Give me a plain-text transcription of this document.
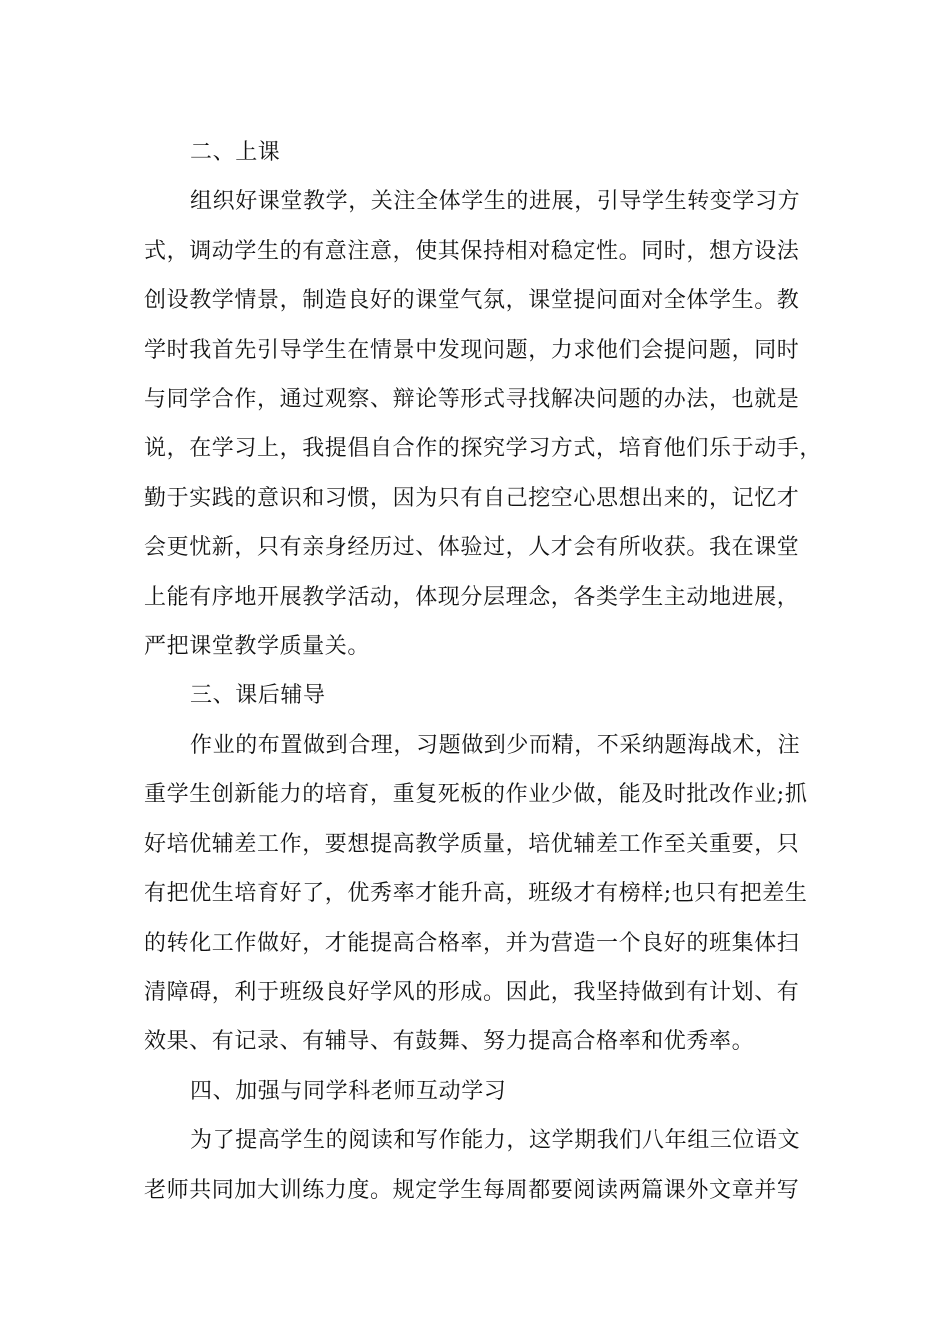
二、上课

组织好课堂教学，关注全体学生的进展，引导学生转变学习方
式，调动学生的有意注意，使其保持相对稳定性。同时，想方设法
创设教学情景，制造良好的课堂气氛，课堂提问面对全体学生。教
学时我首先引导学生在情景中发现问题，力求他们会提问题，同时
与同学合作，通过观察、辩论等形式寻找解决问题的办法，也就是
说，在学习上，我提倡自合作的探究学习方式，培育他们乐于动手，
勤于实践的意识和习惯，因为只有自己挖空心思想出来的，记忆才
会更忧新，只有亲身经历过、体验过，人才会有所收获。我在课堂
上能有序地开展教学活动，体现分层理念，各类学生主动地进展，
严把课堂教学质量关。

三、课后辅导

作业的布置做到合理，习题做到少而精，不采纳题海战术，注
重学生创新能力的培育，重复死板的作业少做，能及时批改作业;抓
好培优辅差工作，要想提高教学质量，培优辅差工作至关重要，只
有把优生培育好了，优秀率才能升高，班级才有榜样;也只有把差生
的转化工作做好，才能提高合格率，并为营造一个良好的班集体扫
清障碍，利于班级良好学风的形成。因此，我坚持做到有计划、有
效果、有记录、有辅导、有鼓舞、努力提高合格率和优秀率。

四、加强与同学科老师互动学习

为了提高学生的阅读和写作能力，这学期我们八年组三位语文
老师共同加大训练力度。规定学生每周都要阅读两篇课外文章并写
